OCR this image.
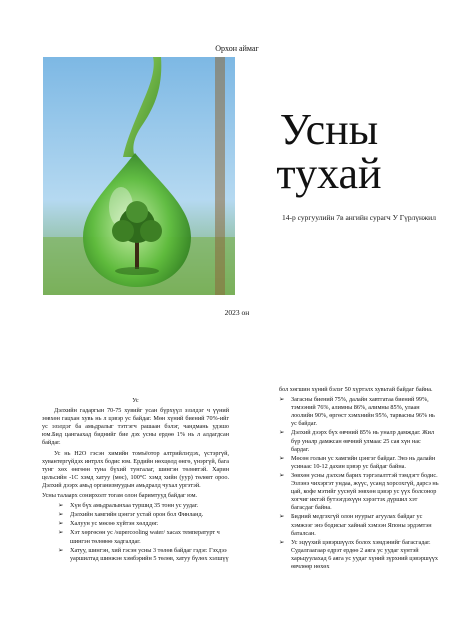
Орхон аймаг
Усны
тухай
14-р сургуулийн 7в ангийн сурагч У Гүрлүнжил
2023 он
Ус
Дэлхийн гадаргын 70-75 хувийг усан бүрхүүл эзэлдэг ч үүний зөвхөн гацхан хувь нь л цэвэр ус байдаг. Мөн хүний биений 70%-ийг ус эзэлдэг ба амьдралыг тэтгэгч рашаан бэлэг, чандмань удэшо юм.Бид цангаахад биднийг бие дэх усны ердөө 1% нь л алдагдсан байдаг.
Ус нь Н2О гэсэн химийн томъёотор алтрийлэгдэх, үстэргүй, хувантергүйдэх интрлх бодис юм. Ердийн нөхцөлд өнгө, үнэргүй, бага тунг хөх өнгөөн туна бүхий тунгалаг, шингэн төлөвтэй. Харин цельсийн -1С хэмд хатуу (мөс), 100°С хэмд хийн (уур) төлөвт ороо. Дэлхий дээрх амьд организмуудын амьдралд чухал ургэтэй.
Усны талаарх сонирхолт тогам олон баримтууд байдаг юм.
➢ Хүн бүх амьдралынхаа туршид 35 тонн ус уудаг.
➢ Дэлхийн хамгийн цэнгэг устай орон бол Финланд.
➢ Халуун ус мөсөө хүйтэн хөлддөг.
➢ Хэт хөргөсөн ус /supercooling water/ хасах температурт ч шингэн төлөвөө хадгалдаг.
➢ Хатуу, шингэн, хий гэсэн усны 3 төлөв байдаг гэдэг. Гэхдээ уаршилтад шинжэн хэмбэрийн 5 төлөв, хатуу бүлөх хэлшүү
бол хөгшин хүний бэлэг 50 хүртэлх хувьтай байдаг байна.
➢ Загасны биений 75%, далайн хавтгатаа биений 99%, тэмээний 76%, алимны 86%, алимны 85%, улаан лоолийн 90%, өргөст хэмхнийн 95%, тарвасны 96% нь ус байдаг.
➢ Дэлхий дээрх бүх өвчний 85% нь уналр дамждаг. Жил бүр уналр дамжсан өвчний улмаас 25 сая хүн нас бардаг.
➢ Мөсөн голын ус хамгийн цэнгэг байдаг. Энэ нь далайн усинаас 10-12 дахин цэвэр ус байдаг байна.
➢ Зөвхөн усны дэлхэм барих тэргэлалттэй тэмдэгт бодис. Эзлэнэ чихэргэт ундаа, жүүс, усанд хорсохгүй, дарсэ нь цай, кофе мэтийг ууснуй зөвхөн цэвэр ус үүх болсонор хогчиг иктэй бутээгдэхүүн хэрэгтэх дүршил хэт багасдаг байна.
➢ Бидний медгэхгүй олон нуурыг агуулах байдаг ус хэмжээг энэ бодисыг хайнай хэмээн Японы эрдэмтэн баталсан.
➢ Ус эцүүхий цэвэршүүлх болох хэмдэнийг багасгадаг. Судалгаагаар едрэт ердөө 2 аяга ус уудаг хүнтэй харьцуулахад 6 аяга ус уудаг хүний зүрхний цэвэршүүх өвчлөөр нөхөх
